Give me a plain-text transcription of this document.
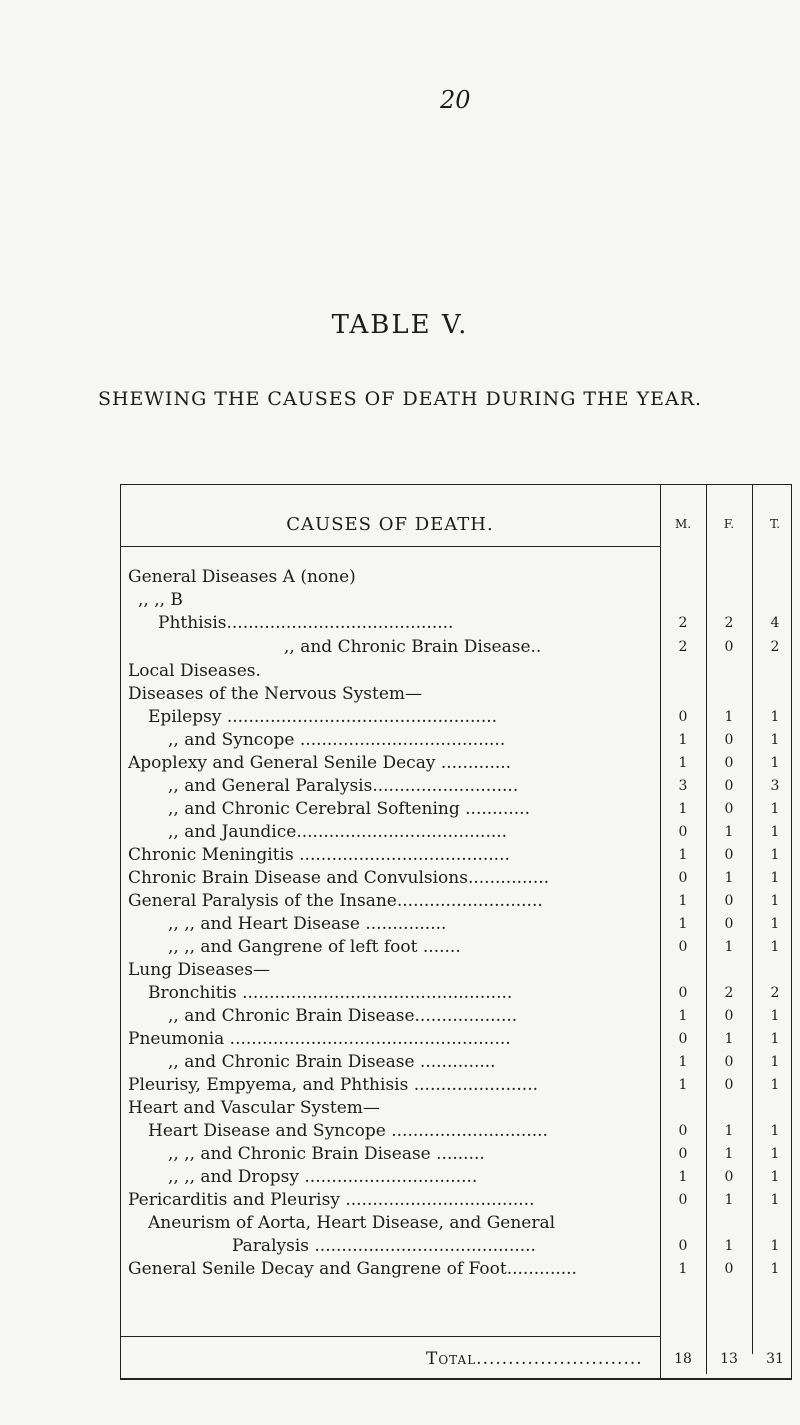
20
TABLE V.
SHEWING THE CAUSES OF DEATH DURING THE YEAR.
CAUSES OF DEATH.	M.	F.	T.
General Diseases A (none)
,, ,, B
Phthisis..........................................	2	2	4
,, and Chronic Brain Disease..	2	0	2
Local Diseases.
Diseases of the Nervous System—
Epilepsy ..................................................	0	1	1
,, and Syncope ......................................	1	0	1
Apoplexy and General Senile Decay .............	1	0	1
,, and General Paralysis...........................	3	0	3
,, and Chronic Cerebral Softening ............	1	0	1
,, and Jaundice.......................................	0	1	1
Chronic Meningitis .......................................	1	0	1
Chronic Brain Disease and Convulsions...............	0	1	1
General Paralysis of the Insane...........................	1	0	1
,, ,, and Heart Disease ...............	1	0	1
,, ,, and Gangrene of left foot .......	0	1	1
Lung Diseases—
Bronchitis ..................................................	0	2	2
,, and Chronic Brain Disease...................	1	0	1
Pneumonia ....................................................	0	1	1
,, and Chronic Brain Disease ..............	1	0	1
Pleurisy, Empyema, and Phthisis .......................	1	0	1
Heart and Vascular System—
Heart Disease and Syncope .............................	0	1	1
,, ,, and Chronic Brain Disease .........	0	1	1
,, ,, and Dropsy ................................	1	0	1
Pericarditis and Pleurisy ...................................	0	1	1
Aneurism of Aorta, Heart Disease, and General
Paralysis .........................................	0	1	1
General Senile Decay and Gangrene of Foot.............	1	0	1
Total..........................	18	13	31
